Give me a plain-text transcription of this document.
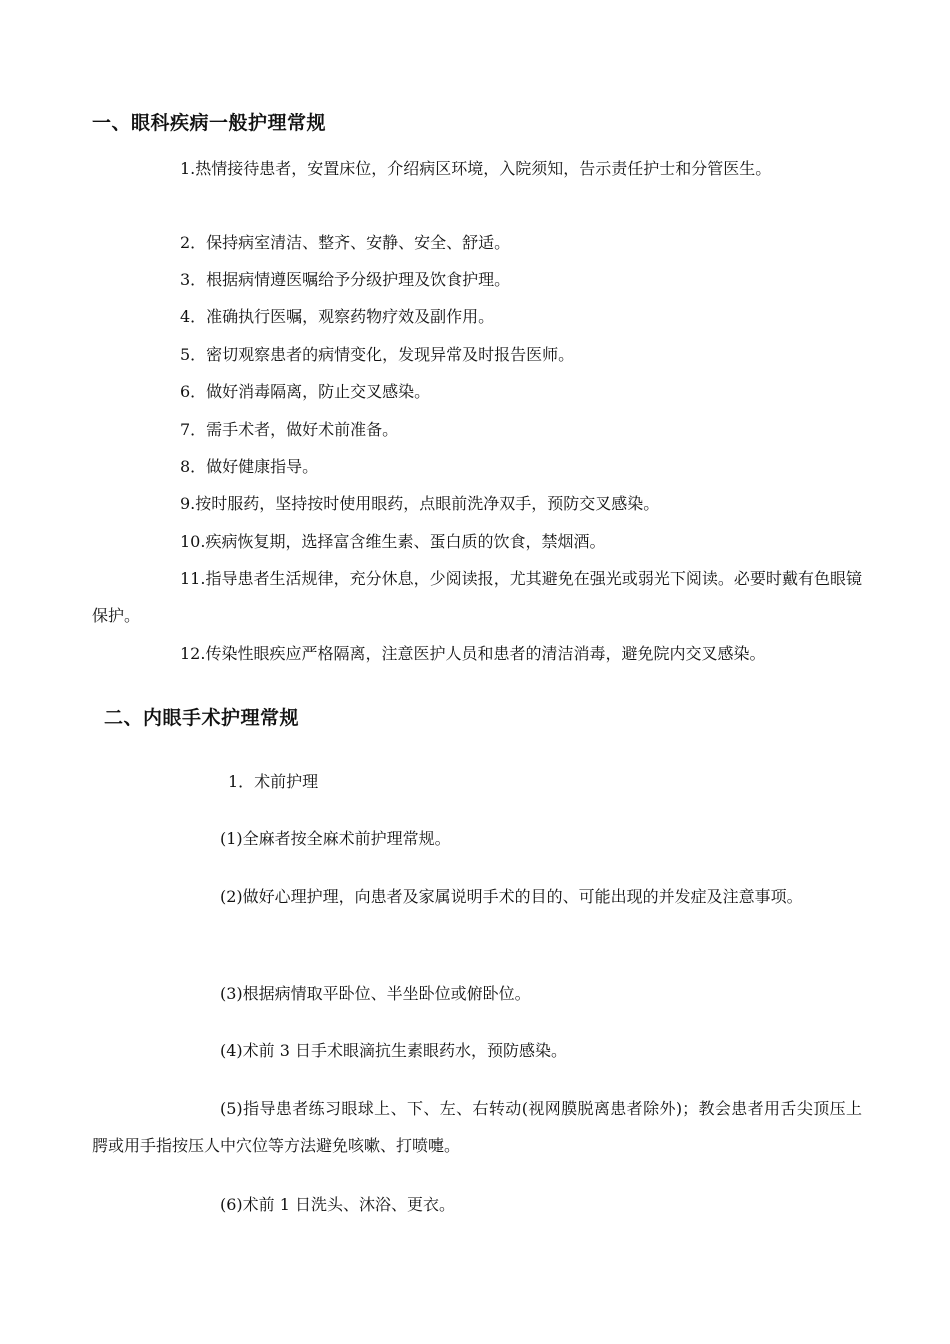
一、眼科疾病一般护理常规
1.热情接待患者，安置床位，介绍病区环境，入院须知，告示责任护士和分管医生。
2．保持病室清洁、整齐、安静、安全、舒适。
3．根据病情遵医嘱给予分级护理及饮食护理。
4．准确执行医嘱，观察药物疗效及副作用。
5．密切观察患者的病情变化，发现异常及时报告医师。
6．做好消毒隔离，防止交叉感染。
7．需手术者，做好术前准备。
8．做好健康指导。
9.按时服药，坚持按时使用眼药，点眼前洗净双手，预防交叉感染。
10.疾病恢复期，选择富含维生素、蛋白质的饮食，禁烟酒。
11.指导患者生活规律，充分休息，少阅读报，尤其避免在强光或弱光下阅读。必要时戴有色眼镜保护。
12.传染性眼疾应严格隔离，注意医护人员和患者的清洁消毒，避免院内交叉感染。
二、内眼手术护理常规
1．术前护理
(1)全麻者按全麻术前护理常规。
(2)做好心理护理，向患者及家属说明手术的目的、可能出现的并发症及注意事项。
(3)根据病情取平卧位、半坐卧位或俯卧位。
(4)术前 3 日手术眼滴抗生素眼药水，预防感染。
(5)指导患者练习眼球上、下、左、右转动(视网膜脱离患者除外)；教会患者用舌尖顶压上腭或用手指按压人中穴位等方法避免咳嗽、打喷嚏。
(6)术前 1 日洗头、沐浴、更衣。
